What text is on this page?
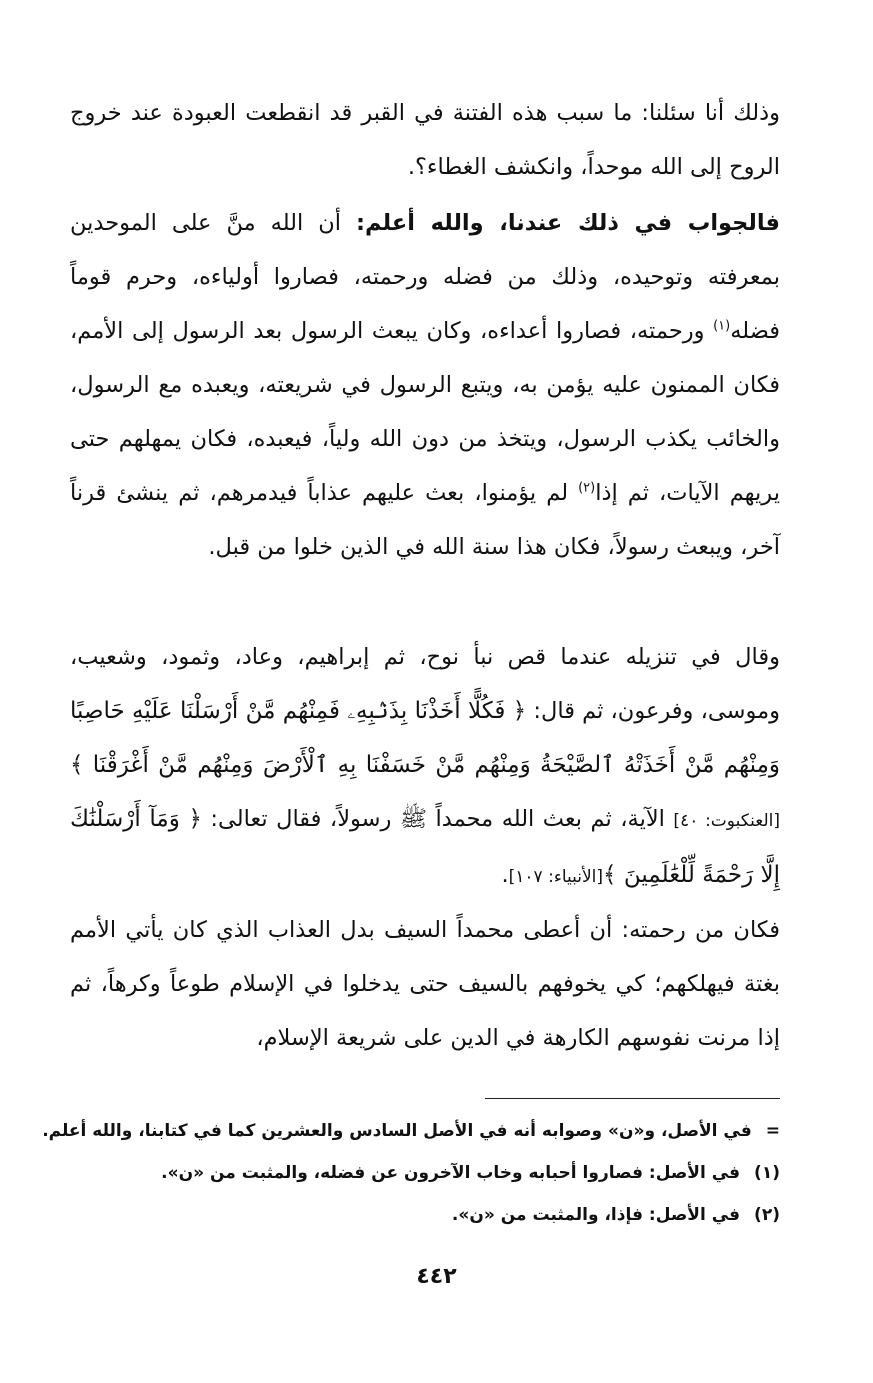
وذلك أنا سئلنا: ما سبب هذه الفتنة في القبر قد انقطعت العبودة عند خروج الروح إلى الله موحداً، وانكشف الغطاء؟.

فالجواب في ذلك عندنا، والله أعلم: أن الله منَّ على الموحدين بمعرفته وتوحيده، وذلك من فضله ورحمته، فصاروا أولياءه، وحرم قوماً فضله$^{(١)}$ ورحمته، فصاروا أعداءه، وكان يبعث الرسول بعد الرسول إلى الأمم، فكان الممنون عليه يؤمن به، ويتبع الرسول في شريعته، ويعبده مع الرسول، والخائب يكذب الرسول، ويتخذ من دون الله ولياً، فيعبده، فكان يمهلهم حتى يريهم الآيات، ثم إذا$^{(٢)}$ لم يؤمنوا، بعث عليهم عذاباً فيدمرهم، ثم ينشئ قرناً آخر، ويبعث رسولاً، فكان هذا سنة الله في الذين خلوا من قبل.

وقال في تنزيله عندما قص نبأ نوح، ثم إبراهيم، وعاد، وثمود، وشعيب، وموسى، وفرعون، ثم قال: ﴿ فَكُلًّا أَخَذْنَا بِذَنۢبِهِۦ فَمِنْهُم مَّنْ أَرْسَلْنَا عَلَيْهِ حَاصِبًا وَمِنْهُم مَّنْ أَخَذَتْهُ ٱلصَّيْحَةُ وَمِنْهُم مَّنْ خَسَفْنَا بِهِ ٱلْأَرْضَ وَمِنْهُم مَّنْ أَغْرَقْنَا ﴾[العنكبوت: ٤٠] الآية، ثم بعث الله محمداً ﷺ رسولاً، فقال تعالى: ﴿ وَمَآ أَرْسَلْنَٰكَ إِلَّا رَحْمَةً لِّلْعَٰلَمِينَ ﴾[الأنبياء: ١٠٧].

فكان من رحمته: أن أعطى محمداً السيف بدل العذاب الذي كان يأتي الأمم بغتة فيهلكهم؛ كي يخوفهم بالسيف حتى يدخلوا في الإسلام طوعاً وكرهاً، ثم إذا مرنت نفوسهم الكارهة في الدين على شريعة الإسلام،

=في الأصل، و«ن» وصوابه أنه في الأصل السادس والعشرين كما في كتابنا، والله أعلم.
(١)في الأصل: فصاروا أحبابه وخاب الآخرون عن فضله، والمثبت من «ن».
(٢)في الأصل: فإذا، والمثبت من «ن».
٤٤٢
